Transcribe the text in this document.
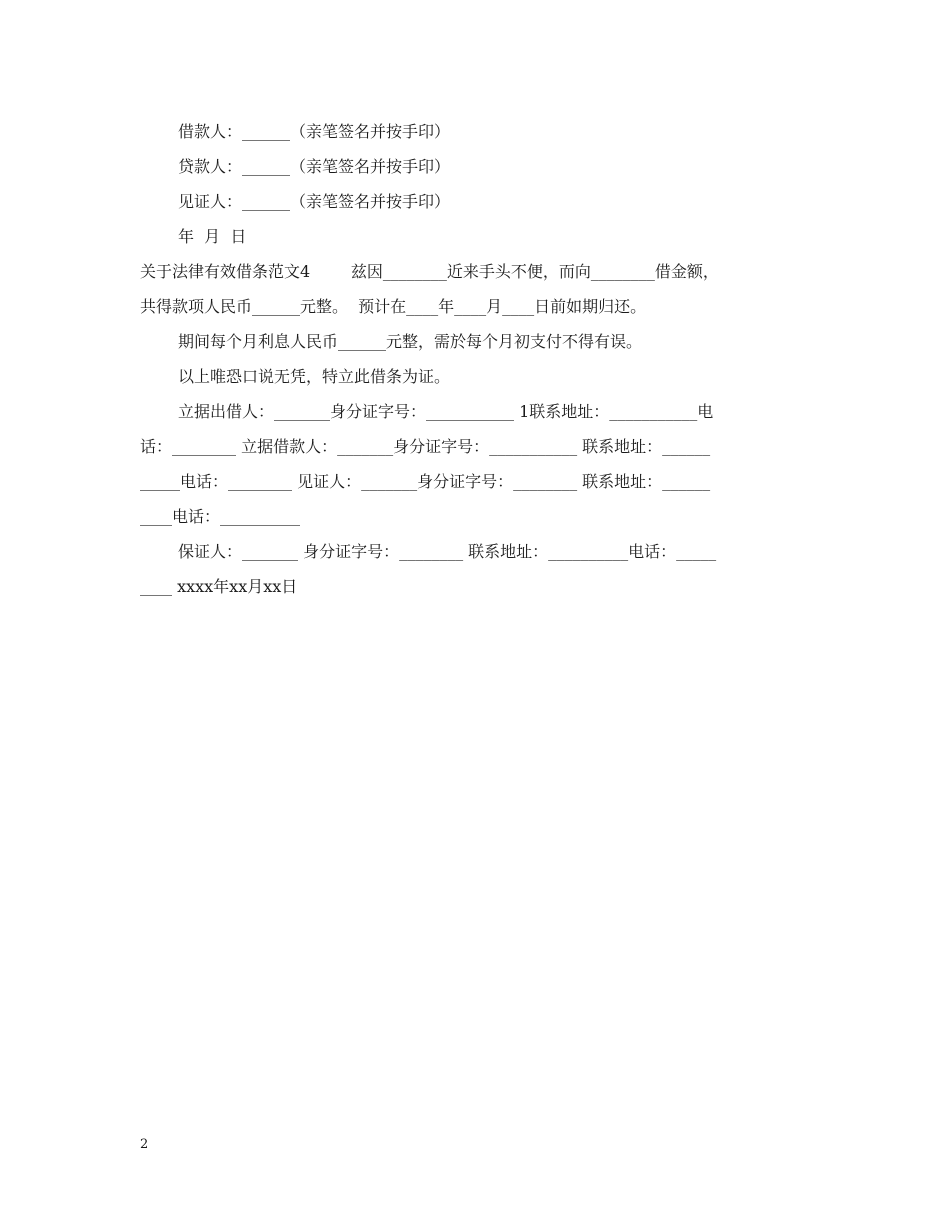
借款人：______（亲笔签名并按手印）
贷款人：______（亲笔签名并按手印）
见证人：______（亲笔签名并按手印）
年  月  日
关于法律有效借条范文4        兹因________近来手头不便，而向________借金额，
共得款项人民币______元整。  预计在____年____月____日前如期归还。
期间每个月利息人民币______元整，需於每个月初支付不得有误。
以上唯恐口说无凭，特立此借条为证。
立据出借人：_______身分证字号：___________ 1联系地址：___________电
话：________ 立据借款人：_______身分证字号：___________ 联系地址：______
_____电话：________ 见证人：_______身分证字号：________ 联系地址：______
____电话：__________
保证人：_______ 身分证字号：________ 联系地址：__________电话：_____
____ xxxx年xx月xx日
2
